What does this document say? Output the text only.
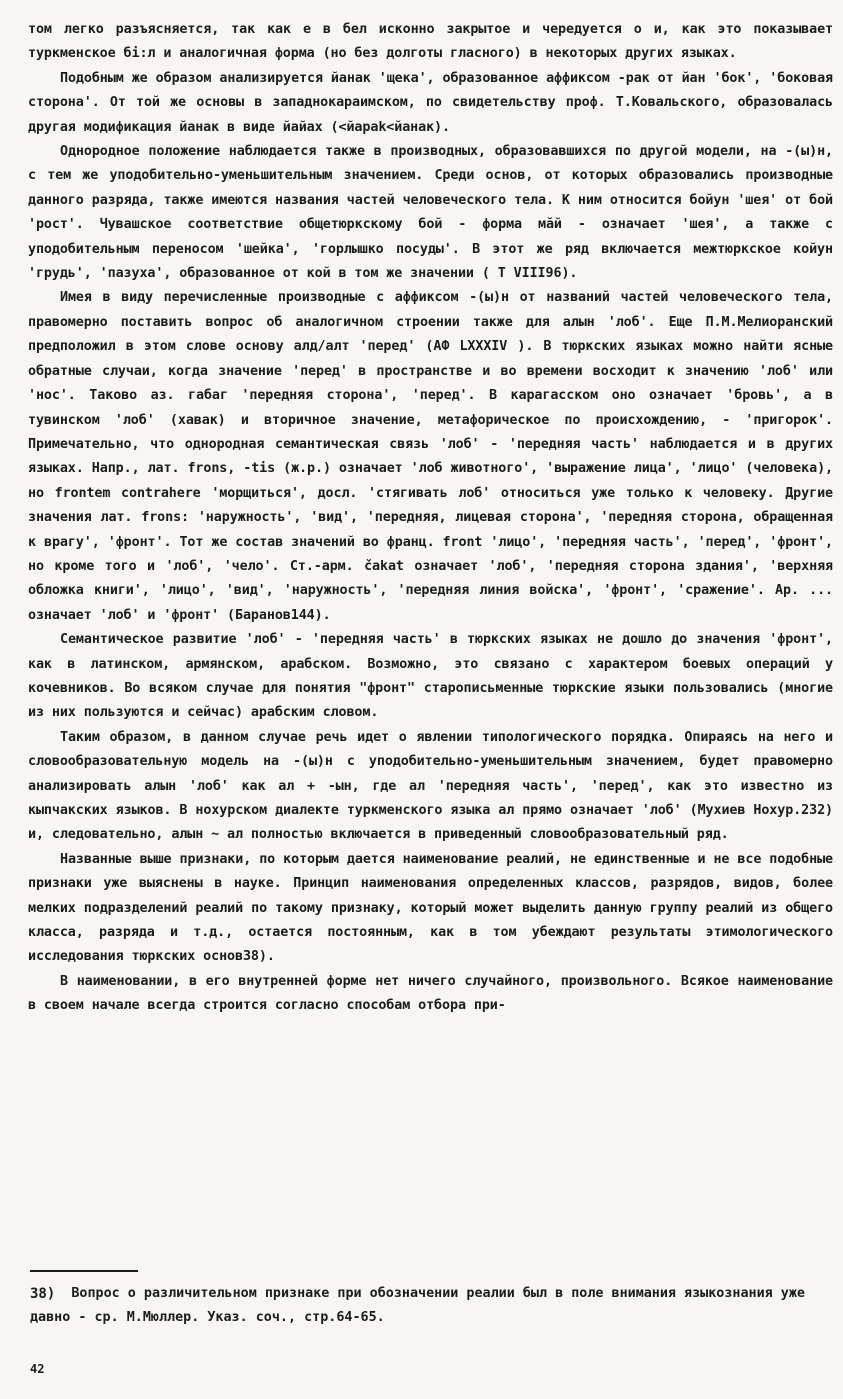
том легко разъясняется, так как е в бел исконно закрытое и чередуется о и, как это показывает туркменское бі:л и аналогичная форма (но без долготы гласного) в некоторых других языках.

Подобным же образом анализируется йанак 'щека', образованное аффиксом -рак от йан 'бок', 'боковая сторона'. От той же основы в западнокараимском, по свидетельству проф. Т.Ковальского, образовалась другая модификация йанак в виде йайах (<йараk<йанак).

Однородное положение наблюдается также в производных, образовавшихся по другой модели, на -(ы)н, с тем же уподобительно-уменьшительным значением. Среди основ, от которых образовались производные данного разряда, также имеются названия частей человеческого тела. К ним относится бойун 'шея' от бой 'рост'. Чувашское соответствие общетюркскому бой - форма мăй - означает 'шея', а также с уподобительным переносом 'шейка', 'горлышко посуды'. В этот же ряд включается межтюркское койун 'грудь', 'пазуха', образованное от кой в том же значении ( Т VIII96).

Имея в виду перечисленные производные с аффиксом -(ы)н от названий частей человеческого тела, правомерно поставить вопрос об аналогичном строении также для алын 'лоб'. Еще П.М.Мелиоранский предположил в этом слове основу алд/алт 'перед' (АФ LXXXIV ). В тюркских языках можно найти ясные обратные случаи, когда значение 'перед' в пространстве и во времени восходит к значению 'лоб' или 'нос'. Таково аз. габаг 'передняя сторона', 'перед'. В карагасском оно означает 'бровь', а в тувинском 'лоб' (хавак) и вторичное значение, метафорическое по происхождению, - 'пригорок'. Примечательно, что однородная семантическая связь 'лоб' - 'передняя часть' наблюдается и в других языках. Напр., лат. frons, -tis (ж.р.) означает 'лоб животного', 'выражение лица', 'лицо' (человека), но frontem contrahere 'морщиться', досл. 'стягивать лоб' относиться уже только к человеку. Другие значения лат. frons: 'наружность', 'вид', 'передняя, лицевая сторона', 'передняя сторона, обращенная к врагу', 'фронт'. Тот же состав значений во франц. front 'лицо', 'передняя часть', 'перед', 'фронт', но кроме того и 'лоб', 'чело'. Ст.-арм. čakat означает 'лоб', 'передняя сторона здания', 'верхняя обложка книги', 'лицо', 'вид', 'наружность', 'передняя линия войска', 'фронт', 'сражение'. Ар. ... означает 'лоб' и 'фронт' (Баранов144).

Семантическое развитие 'лоб' - 'передняя часть' в тюркских языках не дошло до значения 'фронт', как в латинском, армянском, арабском. Возможно, это связано с характером боевых операций у кочевников. Во всяком случае для понятия "фронт" старописьменные тюркские языки пользовались (многие из них пользуются и сейчас) арабским словом.

Таким образом, в данном случае речь идет о явлении типологического порядка. Опираясь на него и словообразовательную модель на -(ы)н с уподобительно-уменьшительным значением, будет правомерно анализировать алын 'лоб' как ал + -ын, где ал 'передняя часть', 'перед', как это известно из кыпчакских языков. В нохурском диалекте туркменского языка ал прямо означает 'лоб' (Мухиев Нохур.232) и, следовательно, алын ~ ал полностью включается в приведенный словообразовательный ряд.

Названные выше признаки, по которым дается наименование реалий, не единственные и не все подобные признаки уже выяснены в науке. Принцип наименования определенных классов, разрядов, видов, более мелких подразделений реалий по такому признаку, который может выделить данную группу реалий из общего класса, разряда и т.д., остается постоянным, как в том убеждают результаты этимологического исследования тюркских основ38).

В наименовании, в его внутренней форме нет ничего случайного, произвольного. Всякое наименование в своем начале всегда строится согласно способам отбора при-

38) Вопрос о различительном признаке при обозначении реалии был в поле внимания языкознания уже давно - ср. М.Мюллер. Указ. соч., стр.64-65.
42
